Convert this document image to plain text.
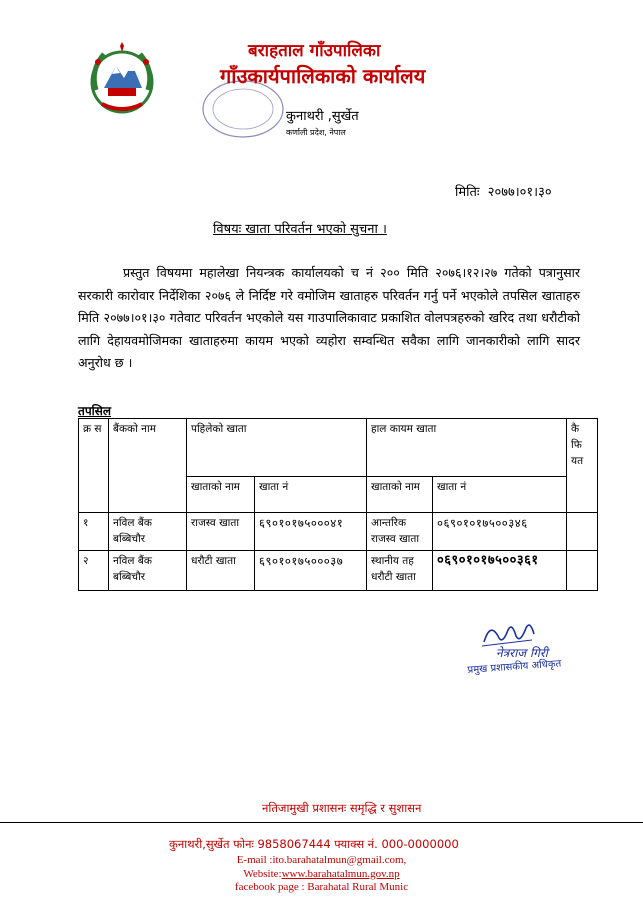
बराहताल गाँउपालिका
गाँउकार्यपालिकाको कार्यालय
कुनाथरी ,सुर्खेत
कर्णाली प्रदेश, नेपाल
मितिः २०७७।०१।३०
विषयः खाता परिवर्तन भएको सुचना ।
प्रस्तुत विषयमा महालेखा नियन्त्रक कार्यालयको च नं २०० मिति २०७६।१२।२७ गतेको पत्रानुसार सरकारी कारोवार निर्देशिका २०७६ ले निर्दिष्ट गरे वमोजिम खाताहरु परिवर्तन गर्नु पर्ने भएकोले तपसिल खाताहरु मिति २०७७।०१।३० गतेवाट परिवर्तन भएकोले यस गाउपालिकावाट प्रकाशित वोलपत्रहरुको खरिद तथा धरौटीको लागि देहायवमोजिमका खाताहरुमा कायम भएको व्यहोरा सम्वन्धित सवैका लागि जानकारीको लागि सादर अनुरोध छ ।
तपसिल
क्र स	बैंकको नाम	पहिलेको खाता		हाल कायम खाता		कै फि यत
		खाताको नाम	खाता नं	खाताको नाम	खाता नं	
१	नविल बैंक बब्बिचौर	राजस्व खाता	६९०१०१७५०००४१	आन्तरिक राजस्व खाता	०६९०१०१७५००३४६	
२	नविल बैंक बब्बिचौर	धरौटी खाता	६९०१०१७५०००३७	स्थानीय तह धरौटी खाता	०६९०१०१७५००३६१	
नेत्रराज गिरी
प्रमुख प्रशासकीय अधिकृत
नतिजामुखी प्रशासनः समृद्धि र सुशासन
कुनाथरी,सुर्खेत फोनः 9858067444 फ्याक्स नं. 000-0000000
E-mail :ito.barahatalmun@gmail.com,
Website:www.barahatalmun.gov.np
facebook page : Barahatal Rural Munic
